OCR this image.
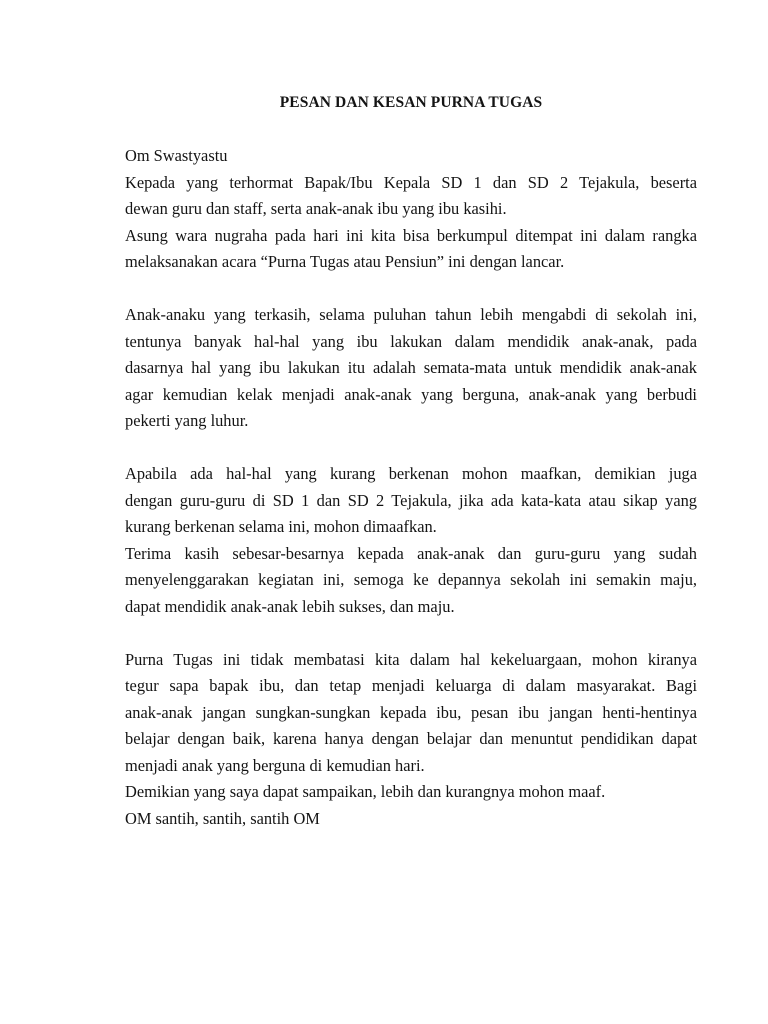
PESAN DAN KESAN PURNA TUGAS
Om Swastyastu
Kepada yang terhormat Bapak/Ibu Kepala SD 1 dan SD 2 Tejakula, beserta
dewan guru dan staff, serta anak-anak ibu yang ibu kasihi.
Asung wara nugraha pada hari ini kita bisa berkumpul ditempat ini dalam rangka
melaksanakan acara “Purna Tugas atau Pensiun” ini dengan lancar.
Anak-anaku yang terkasih, selama puluhan tahun lebih mengabdi di sekolah ini,
tentunya banyak hal-hal yang ibu lakukan dalam mendidik anak-anak, pada
dasarnya hal yang ibu lakukan itu adalah semata-mata untuk mendidik anak-anak
agar kemudian kelak menjadi anak-anak yang berguna, anak-anak yang berbudi
pekerti yang luhur.
Apabila ada hal-hal yang kurang berkenan mohon maafkan, demikian juga
dengan guru-guru di SD 1 dan SD 2 Tejakula, jika ada kata-kata atau sikap yang
kurang berkenan selama ini, mohon dimaafkan.
Terima kasih sebesar-besarnya kepada anak-anak dan guru-guru yang sudah
menyelenggarakan kegiatan ini, semoga ke depannya sekolah ini semakin maju,
dapat mendidik anak-anak lebih sukses, dan maju.
Purna Tugas ini tidak membatasi kita dalam hal kekeluargaan, mohon kiranya
tegur sapa bapak ibu, dan tetap menjadi keluarga di dalam masyarakat. Bagi
anak-anak jangan sungkan-sungkan kepada ibu, pesan ibu jangan henti-hentinya
belajar dengan baik, karena hanya dengan belajar dan menuntut pendidikan dapat
menjadi anak yang berguna di kemudian hari.
Demikian yang saya dapat sampaikan, lebih dan kurangnya mohon maaf.
OM santih, santih, santih OM
